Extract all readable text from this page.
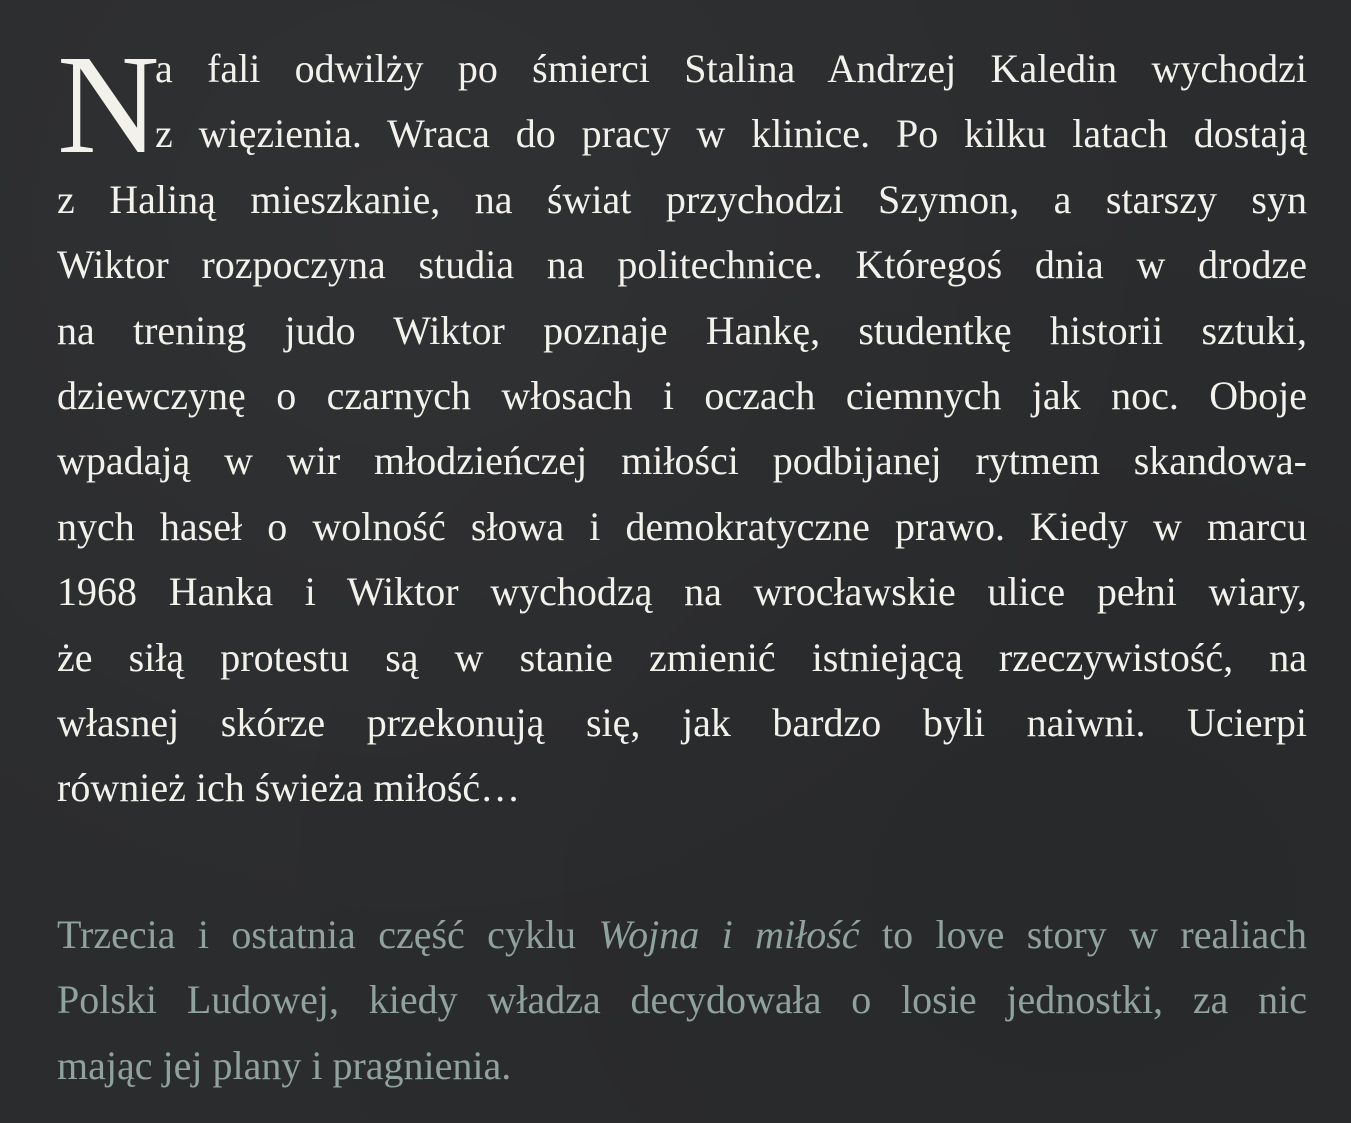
N
a fali odwilży po śmierci Stalina Andrzej Kaledin wychodzi
z więzienia. Wraca do pracy w klinice. Po kilku latach dostają
z Haliną mieszkanie, na świat przychodzi Szymon, a starszy syn
Wiktor rozpoczyna studia na politechnice. Któregoś dnia w drodze
na trening judo Wiktor poznaje Hankę, studentkę historii sztuki,
dziewczynę o czarnych włosach i oczach ciemnych jak noc. Oboje
wpadają w wir młodzieńczej miłości podbijanej rytmem skandowa-
nych haseł o wolność słowa i demokratyczne prawo. Kiedy w marcu
1968 Hanka i Wiktor wychodzą na wrocławskie ulice pełni wiary,
że siłą protestu są w stanie zmienić istniejącą rzeczywistość, na
własnej skórze przekonują się, jak bardzo byli naiwni. Ucierpi
również ich świeża miłość…
Trzecia i ostatnia część cyklu Wojna i miłość to love story w realiach
Polski Ludowej, kiedy władza decydowała o losie jednostki, za nic
mając jej plany i pragnienia.
